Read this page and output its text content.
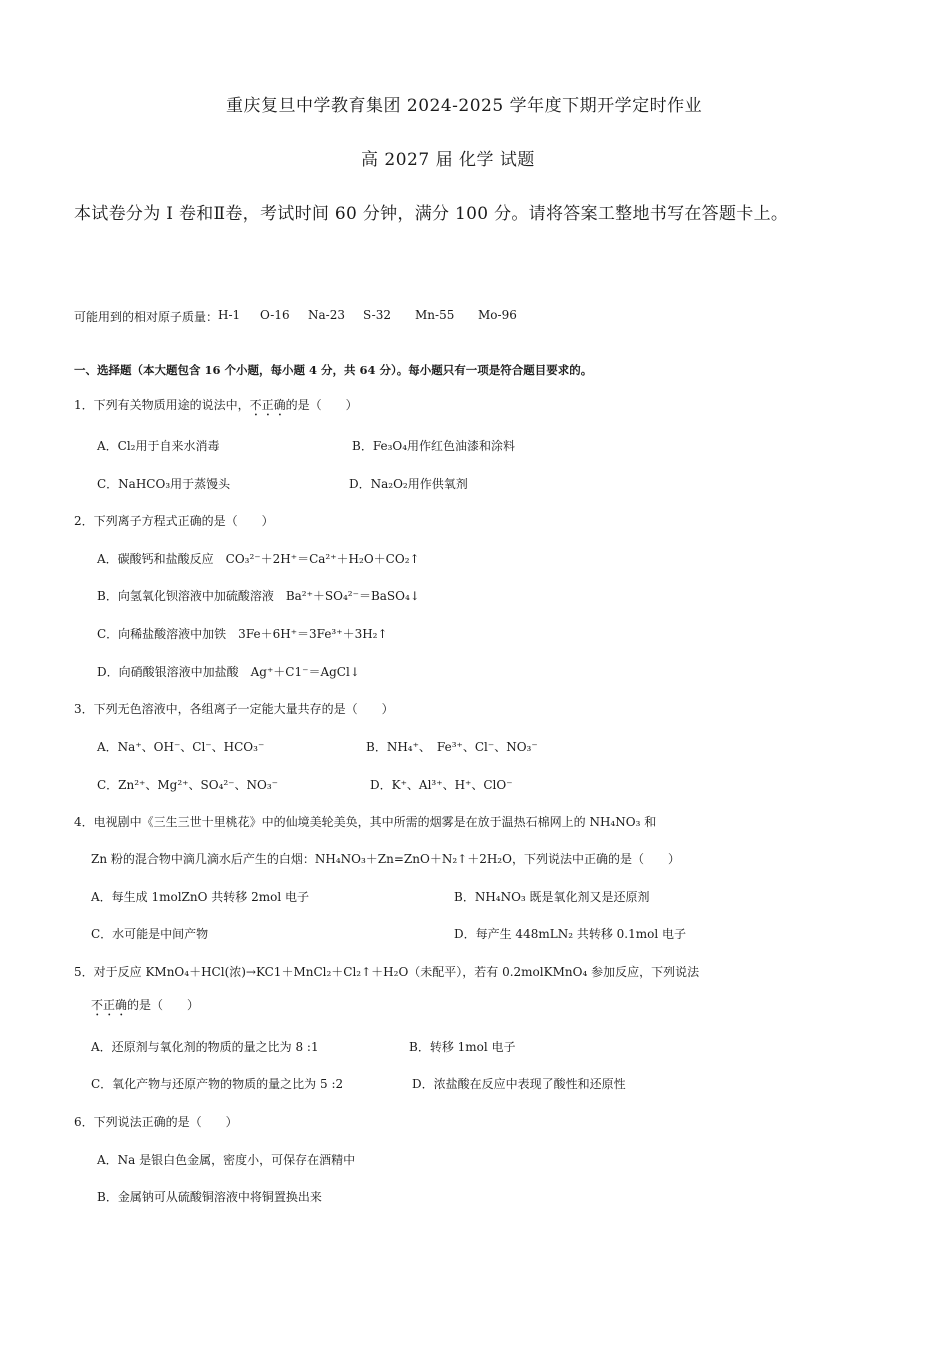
重庆复旦中学教育集团 2024-2025 学年度下期开学定时作业
高 2027 届 化学 试题
本试卷分为 Ⅰ 卷和Ⅱ卷，考试时间 60 分钟，满分 100 分。请将答案工整地书写在答题卡上。
可能用到的相对原子质量： H-1 O-16 Na-23 S-32 Mn-55 Mo-96
一、选择题（本大题包含 16 个小题，每小题 4 分，共 64 分）。每小题只有一项是符合题目要求的。
1．下列有关物质用途的说法中，不正确的是（　　）
A．Cl₂用于自来水消毒	B．Fe₃O₄用作红色油漆和涂料
C．NaHCO₃用于蒸馒头	D．Na₂O₂用作供氧剂
2．下列离子方程式正确的是（　　）
A．碳酸钙和盐酸反应　CO₃²⁻＋2H⁺＝Ca²⁺＋H₂O＋CO₂↑
B．向氢氧化钡溶液中加硫酸溶液　Ba²⁺＋SO₄²⁻＝BaSO₄↓
C．向稀盐酸溶液中加铁　3Fe＋6H⁺＝3Fe³⁺＋3H₂↑
D．向硝酸银溶液中加盐酸　Ag⁺＋C1⁻＝AgCl↓
3．下列无色溶液中，各组离子一定能大量共存的是（　　）
A．Na⁺、OH⁻、Cl⁻、HCO₃⁻	B．NH₄⁺、　Fe³⁺、Cl⁻、NO₃⁻
C．Zn²⁺、Mg²⁺、SO₄²⁻、NO₃⁻	D．K⁺、Al³⁺、H⁺、ClO⁻
4．电视剧中《三生三世十里桃花》中的仙境美轮美奂，其中所需的烟雾是在放于温热石棉网上的 NH₄NO₃ 和
Zn 粉的混合物中滴几滴水后产生的白烟：NH₄NO₃＋Zn=ZnO＋N₂↑＋2H₂O，下列说法中正确的是（　　）
A．每生成 1molZnO 共转移 2mol 电子	B．NH₄NO₃ 既是氧化剂又是还原剂
C．水可能是中间产物	D．每产生 448mLN₂ 共转移 0.1mol 电子
5．对于反应 KMnO₄＋HCl(浓)→KC1＋MnCl₂＋Cl₂↑＋H₂O（未配平），若有 0.2molKMnO₄ 参加反应，下列说法
不正确的是（　　）
A．还原剂与氧化剂的物质的量之比为 8 :1	B．转移 1mol 电子
C．氧化产物与还原产物的物质的量之比为 5 :2	D．浓盐酸在反应中表现了酸性和还原性
6．下列说法正确的是（　　）
A．Na 是银白色金属，密度小，可保存在酒精中
B．金属钠可从硫酸铜溶液中将铜置换出来
